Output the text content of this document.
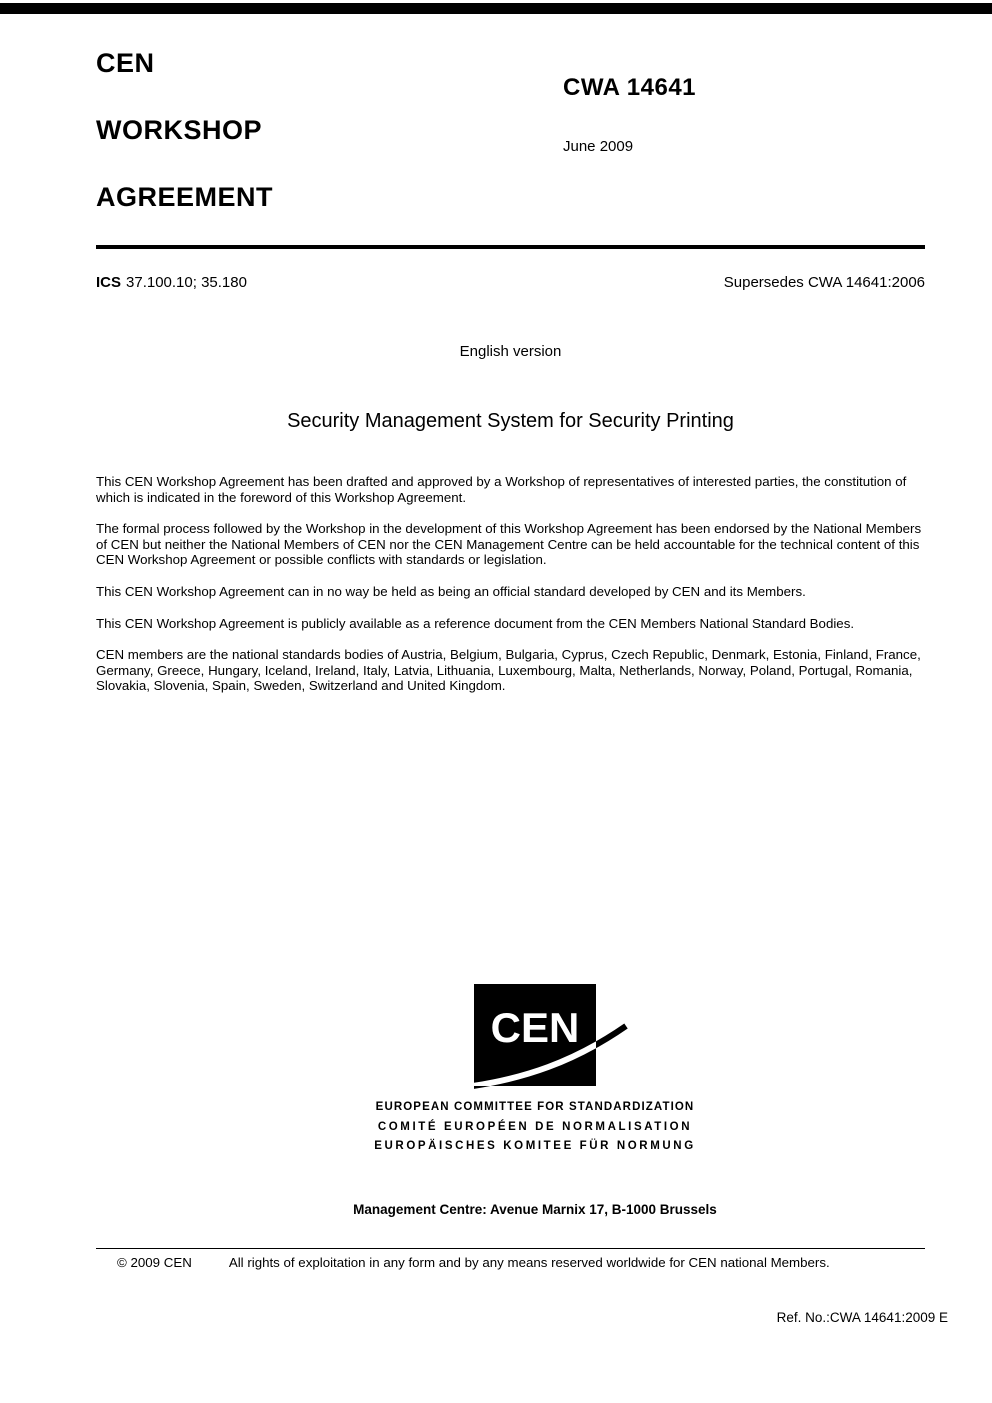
CEN
WORKSHOP
AGREEMENT
CWA 14641
June 2009
ICS 37.100.10; 35.180	Supersedes CWA 14641:2006
English version
Security Management System for Security Printing

This CEN Workshop Agreement has been drafted and approved by a Workshop of representatives of interested parties, the constitution of which is indicated in the foreword of this Workshop Agreement.

The formal process followed by the Workshop in the development of this Workshop Agreement has been endorsed by the National Members of CEN but neither the National Members of CEN nor the CEN Management Centre can be held accountable for the technical content of this CEN Workshop Agreement or possible conflicts with standards or legislation.

This CEN Workshop Agreement can in no way be held as being an official standard developed by CEN and its Members.

This CEN Workshop Agreement is publicly available as a reference document from the CEN Members National Standard Bodies.

CEN members are the national standards bodies of Austria, Belgium, Bulgaria, Cyprus, Czech Republic, Denmark, Estonia, Finland, France, Germany, Greece, Hungary, Iceland, Ireland, Italy, Latvia, Lithuania, Luxembourg, Malta, Netherlands, Norway, Poland, Portugal, Romania, Slovakia, Slovenia, Spain, Sweden, Switzerland and United Kingdom.

CEN
EUROPEAN COMMITTEE FOR STANDARDIZATION
COMITÉ EUROPÉEN DE NORMALISATION
EUROPÄISCHES KOMITEE FÜR NORMUNG
Management Centre: Avenue Marnix 17, B-1000 Brussels
© 2009 CEN	All rights of exploitation in any form and by any means reserved worldwide for CEN national Members.
Ref. No.:CWA 14641:2009 E
